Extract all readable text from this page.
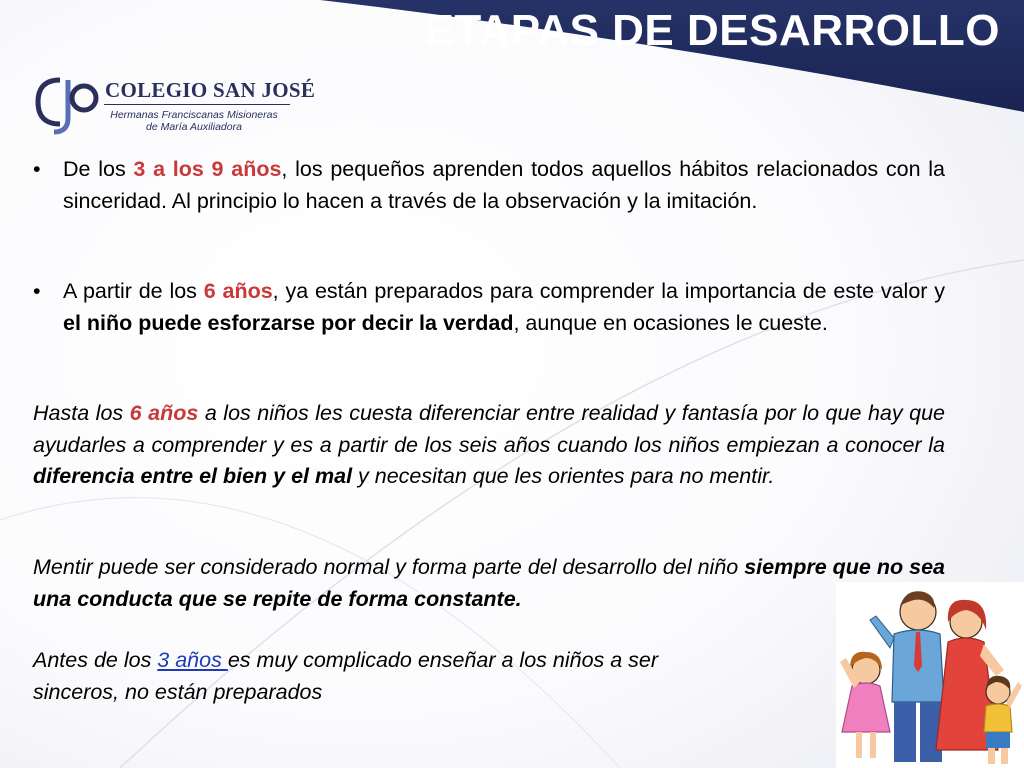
ETAPAS DE DESARROLLO
COLEGIO SAN JOSÉ
Hermanas Franciscanas Misioneras
de María Auxiliadora
• De los 3 a los 9 años, los pequeños aprenden todos aquellos hábitos relacionados con la sinceridad. Al principio lo hacen a través de la observación y la imitación.
• A partir de los 6 años, ya están preparados para comprender la importancia de este valor y el niño puede esforzarse por decir la verdad, aunque en ocasiones le cueste.
Hasta los 6 años a los niños les cuesta diferenciar entre realidad y fantasía por lo que hay que ayudarles a comprender y es a partir de los seis años cuando los niños empiezan a conocer la diferencia entre el bien y el mal y necesitan que les orientes para no mentir.
Mentir puede ser considerado normal y forma parte del desarrollo del niño siempre que no sea una conducta que se repite de forma constante.
Antes de los 3 años es muy complicado enseñar a los niños a ser
sinceros, no están preparados
